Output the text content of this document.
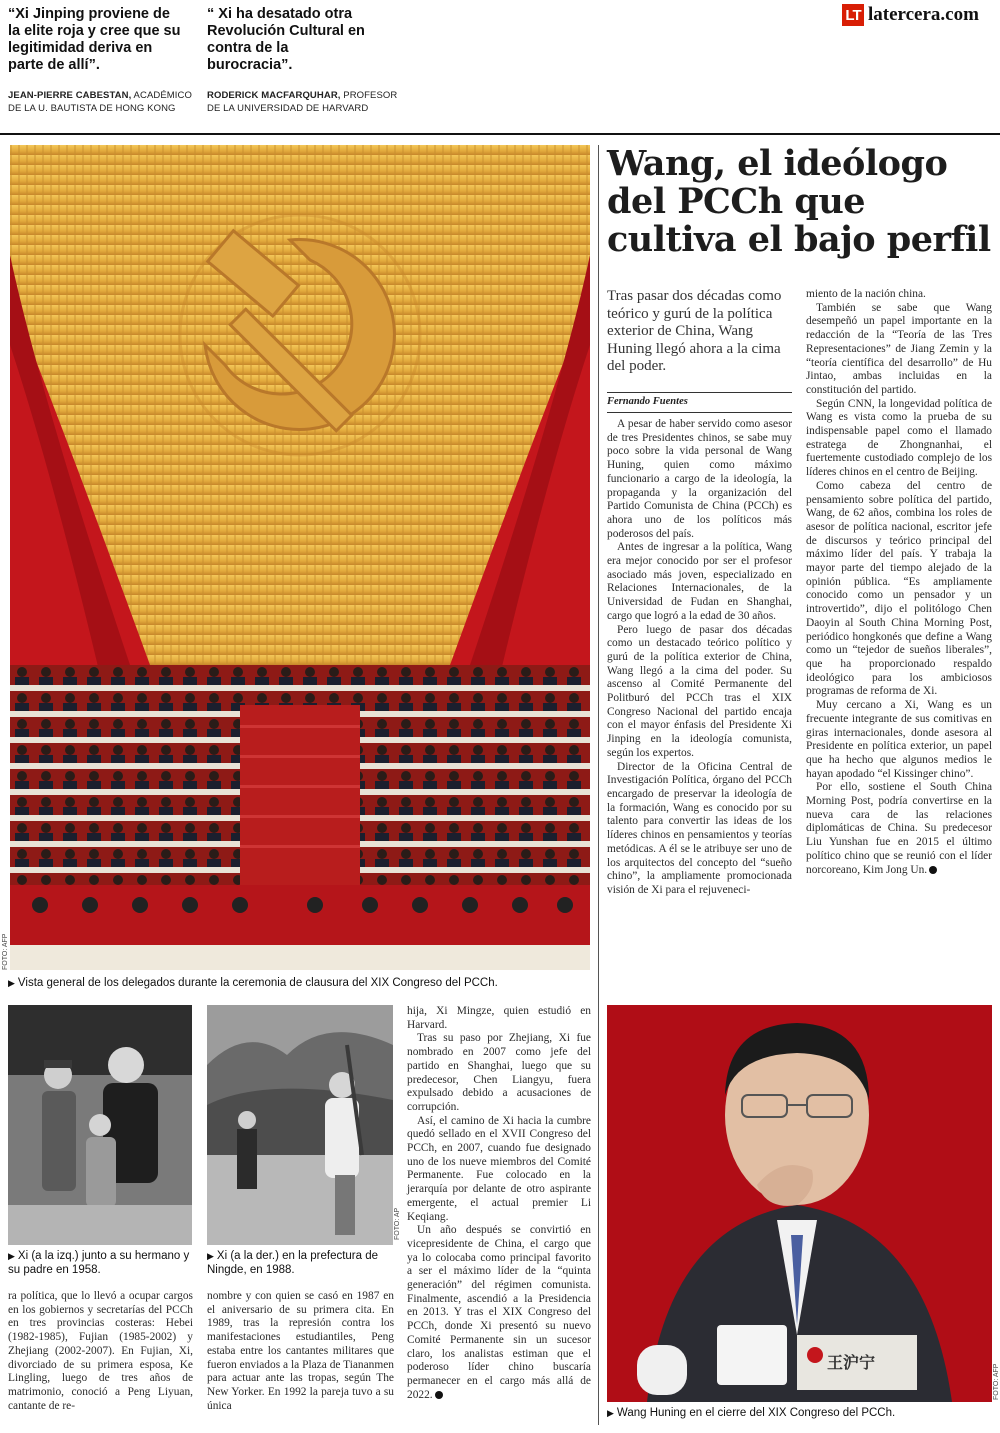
“Xi Jinping proviene de la elite roja y cree que su legitimidad deriva en parte de allí”.
JEAN-PIERRE CABESTAN, ACADÉMICO DE LA U. BAUTISTA DE HONG KONG
“ Xi ha desatado otra Revolución Cultural en contra de la burocracia”.
RODERICK MACFARQUHAR, PROFESOR DE LA UNIVERSIDAD DE HARVARD
LT latercera.com
FOTO: AFP
▶ Vista general de los delegados durante la ceremonia de clausura del XIX Congreso del PCCh.
▶ Xi (a la izq.) junto a su hermano y su padre en 1958.
FOTO: AP
▶ Xi (a la der.) en la prefectura de Ningde, en 1988.
王沪宁
FOTO: AFP
▶ Wang Huning en el cierre del XIX Congreso del PCCh.
Wang, el ideólogo del PCCh que cultiva el bajo perfil
Tras pasar dos décadas como teórico y gurú de la política exterior de China, Wang Huning llegó ahora a la cima del poder.
Fernando Fuentes

A pesar de haber servido como asesor de tres Presidentes chinos, se sabe muy poco sobre la vida personal de Wang Huning, quien como máximo funcionario a cargo de la ideología, la propaganda y la organización del Partido Comunista de China (PCCh) es ahora uno de los políticos más poderosos del país.

Antes de ingresar a la política, Wang era mejor conocido por ser el profesor asociado más joven, especializado en Relaciones Internacionales, de la Universidad de Fudan en Shanghai, cargo que logró a la edad de 30 años.

Pero luego de pasar dos décadas como un destacado teórico político y gurú de la política exterior de China, Wang llegó a la cima del poder. Su ascenso al Comité Permanente del Politburó del PCCh tras el XIX Congreso Nacional del partido encaja con el mayor énfasis del Presidente Xi Jinping en la ideología comunista, según los expertos.

Director de la Oficina Central de Investigación Política, órgano del PCCh encargado de preservar la ideología de la formación, Wang es conocido por su talento para convertir las ideas de los líderes chinos en pensamientos y teorías metódicas. A él se le atribuye ser uno de los arquitectos del concepto del “sueño chino”, la ampliamente promocionada visión de Xi para el rejuveneci-

miento de la nación china.

También se sabe que Wang desempeñó un papel importante en la redacción de la “Teoría de las Tres Representaciones” de Jiang Zemin y la “teoría científica del desarrollo” de Hu Jintao, ambas incluidas en la constitución del partido.

Según CNN, la longevidad política de Wang es vista como la prueba de su indispensable papel como el llamado estratega de Zhongnanhai, el fuertemente custodiado complejo de los líderes chinos en el centro de Beijing.

Como cabeza del centro de pensamiento sobre política del partido, Wang, de 62 años, combina los roles de asesor de política nacional, escritor jefe de discursos y teórico principal del máximo líder del país. Y trabaja la mayor parte del tiempo alejado de la opinión pública. “Es ampliamente conocido como un pensador y un introvertido”, dijo el politólogo Chen Daoyin al South China Morning Post, periódico hongkonés que define a Wang como un “tejedor de sueños liberales”, que ha proporcionado respaldo ideológico para los ambiciosos programas de reforma de Xi.

Muy cercano a Xi, Wang es un frecuente integrante de sus comitivas en giras internacionales, donde asesora al Presidente en política exterior, un papel que ha hecho que algunos medios le hayan apodado “el Kissinger chino”.

Por ello, sostiene el South China Morning Post, podría convertirse en la nueva cara de las relaciones diplomáticas de China. Su predecesor Liu Yunshan fue en 2015 el último político chino que se reunió con el líder norcoreano, Kim Jong Un.

ra política, que lo llevó a ocupar cargos en los gobiernos y secretarías del PCCh en tres provincias costeras: Hebei (1982-1985), Fujian (1985-2002) y Zhejiang (2002-2007). En Fujian, Xi, divorciado de su primera esposa, Ke Lingling, luego de tres años de matrimonio, conoció a Peng Liyuan, cantante de re-

nombre y con quien se casó en 1987 en el aniversario de su primera cita. En 1989, tras la represión contra los manifestaciones estudiantiles, Peng estaba entre los cantantes militares que fueron enviados a la Plaza de Tiananmen para actuar ante las tropas, según The New Yorker. En 1992 la pareja tuvo a su única

hija, Xi Mingze, quien estudió en Harvard.

Tras su paso por Zhejiang, Xi fue nombrado en 2007 como jefe del partido en Shanghai, luego que su predecesor, Chen Liangyu, fuera expulsado debido a acusaciones de corrupción.

Así, el camino de Xi hacia la cumbre quedó sellado en el XVII Congreso del PCCh, en 2007, cuando fue designado uno de los nueve miembros del Comité Permanente. Fue colocado en la jerarquía por delante de otro aspirante emergente, el actual premier Li Keqiang.

Un año después se convirtió en vicepresidente de China, el cargo que ya lo colocaba como principal favorito a ser el máximo líder de la “quinta generación” del régimen comunista. Finalmente, ascendió a la Presidencia en 2013. Y tras el XIX Congreso del PCCh, donde Xi presentó su nuevo Comité Permanente sin un sucesor claro, los analistas estiman que el poderoso líder chino buscaría permanecer en el cargo más allá de 2022.
